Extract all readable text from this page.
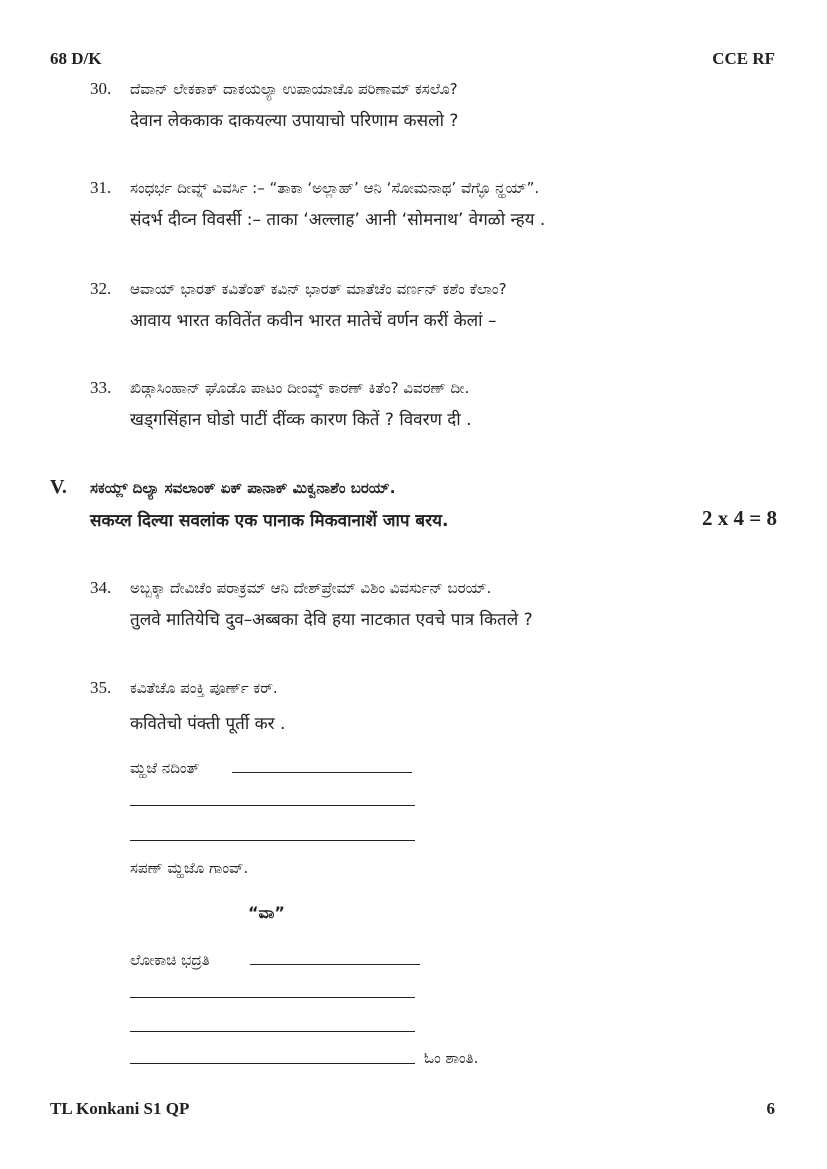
68 D/K	CCE RF
30. ದೆವಾನ್ ಲೇಕಕಾಕ್ ದಾಕಯಲ್ಯಾ ಉಪಾಯಾಚೊ ಪರಿಣಾಮ್ ಕಸಲೊ?
देवान लेककाक दाकयल्या उपायाचो परिणाम कसलो ?
31. ಸಂಧರ್ಭ ದೀವ್ನ್ ವಿವರ್ಸಿ :– “ತಾಕಾ ‘ಅಲ್ಲಾಹ್’ ಆನಿ ‘ಸೋಮನಾಥ’ ವೆಗ್ಳೊ ನ್ಹಯ್”.
संदर्भ दीव्न विवर्सी :– ताका ‘अल्लाह’ आनी ‘सोमनाथ’ वेगळो न्हय .
32. ಆವಾಯ್ ಭಾರತ್ ಕವಿತೆಂತ್ ಕವಿನ್ ಭಾರತ್ ಮಾತೆಚೆಂ ವರ್ಣನ್ ಕಶೆಂ ಕೆಲಾಂ?
आवाय भारत कवितेंत कवीन भारत मातेचें वर्णन करीं केलां –
33. ಖಿಡ್ಗಾಸಿಂಹಾನ್ ಘೊಡೊ ಪಾಟಂ ದೀಂವ್ಕ್ ಕಾರಣ್ ಕಿತೆಂ? ವಿವರಣ್ ದೀ.
खड्गसिंहान घोडो पाटीं दींव्क कारण कितें ? विवरण दी .
V. ಸಕಯ್ಲ್ ದಿಲ್ಯಾ ಸವಲಾಂಕ್ ಏಕ್ ಪಾನಾಕ್ ಮಿಕ್ವನಾಶೆಂ ಬರಯ್.
सकय्ल दिल्या सवलांक एक पानाक मिकवानाशें जाप बरय.	2 x 4 = 8
34. ಅಬ್ಬಕ್ಕಾ ದೇವಿಚೆಂ ಪರಾಕ್ರಮ್ ಆನಿ ದೇಶ್‌ಪ್ರೇಮ್ ವಿಶಿಂ ವಿವರ್ಸುನ್ ಬರಯ್.
तुलवे मातियेचि दुव–अब्बका देवि हया नाटकात एवचे पात्र कितले ?
35. ಕವಿತೆಚೊ ಪಂಕ್ತಿ ಪೂರ್ಣ್ ಕರ್.
कवितेचो पंक्ती पूर्ती कर .
ಮ್ಹಜೆ ನದಿಂತ್
ಸಪಣ್ ಮ್ಹಜೊ ಗಾಂವ್.
“ವಾ”
ಲೋಕಾಚಿ ಭದ್ರತಿ
ಓಂ ಶಾಂತಿ.
TL Konkani S1 QP	6
